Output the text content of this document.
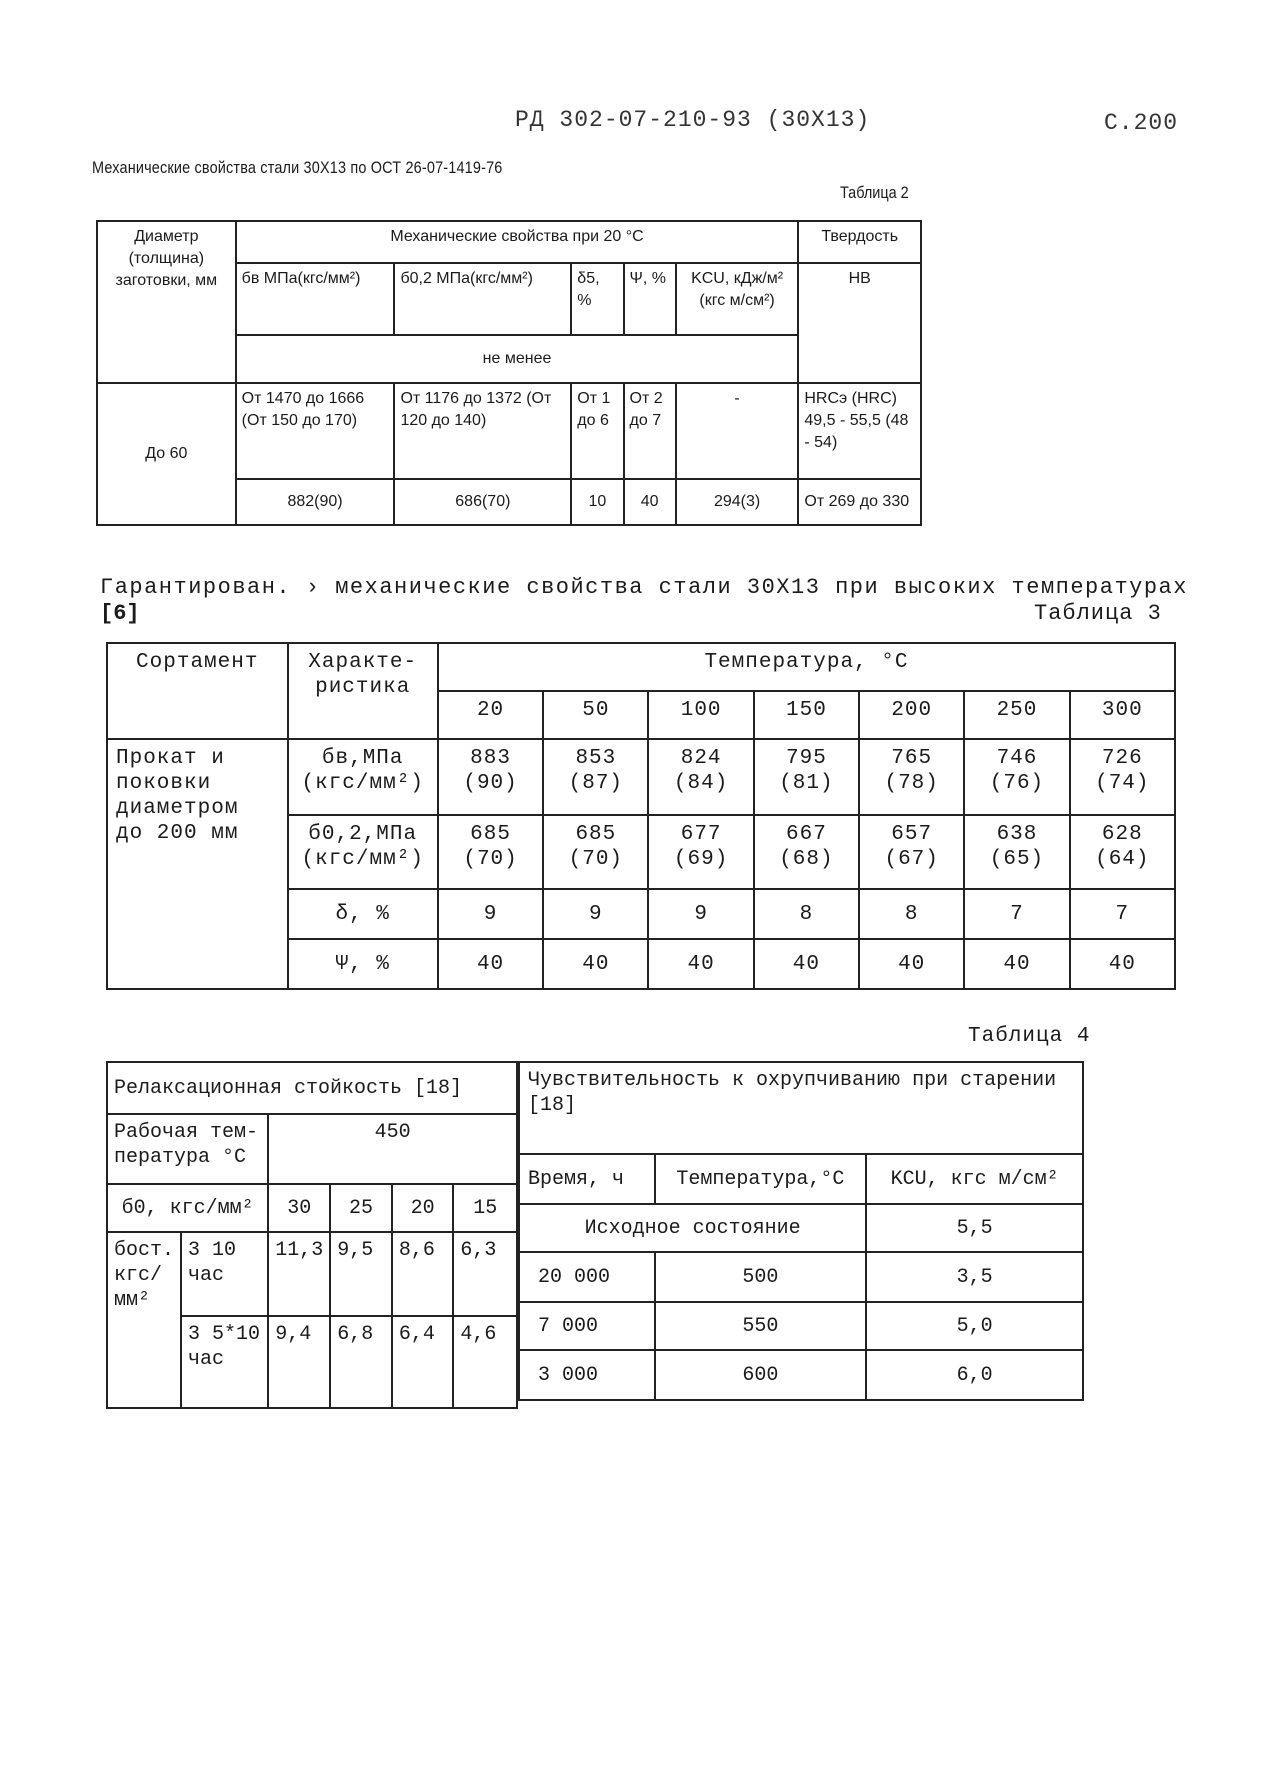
РД 302-07-210-93 (30Х13)	С.200
Механические свойства стали 30Х13 по ОСТ 26-07-1419-76
Таблица 2
Диаметр (толщина) заготовки, мм	Механические свойства при 20 °С					Твердость
	бв МПа(кгс/мм²)	б0,2 МПа(кгс/мм²)	δ5, %	Ψ, %	KCU, кДж/м² (кгс м/см²)	НВ
	не менее					
До 60	От 1470 до 1666 (От 150 до 170)	От 1176 до 1372 (От 120 до 140)	От 1 до 6	От 2 до 7	-	HRCэ (HRC) 49,5 - 55,5 (48 - 54)
	882(90)	686(70)	10	40	294(3)	От 269 до 330
Гарантирован. › механические свойства стали 30Х13 при высоких температурах
[6]	Таблица 3
Сортамент	Характе-ристика	Температура, °С						
		20	50	100	150	200	250	300
Прокат и поковки диаметром до 200 мм	бв,МПа (кгс/мм²)	883 (90)	853 (87)	824 (84)	795 (81)	765 (78)	746 (76)	726 (74)
	б0,2,МПа (кгс/мм²)	685 (70)	685 (70)	677 (69)	667 (68)	657 (67)	638 (65)	628 (64)
	δ, %	9	9	9	8	8	7	7
	Ψ, %	40	40	40	40	40	40	40
Таблица 4
Релаксационная стойкость [18]					
Рабочая тем-пература °С		450			
б0, кгс/мм²		30	25	20	15
бост. кгс/мм²	3 10 час	11,3	9,5	8,6	6,3
	3 5*10 час	9,4	6,8	6,4	4,6
Чувствительность к охрупчиванию при старении [18]		
Время, ч	Температура,°С	KCU, кгс м/см²
Исходное состояние		5,5
20 000	500	3,5
7 000	550	5,0
3 000	600	6,0
